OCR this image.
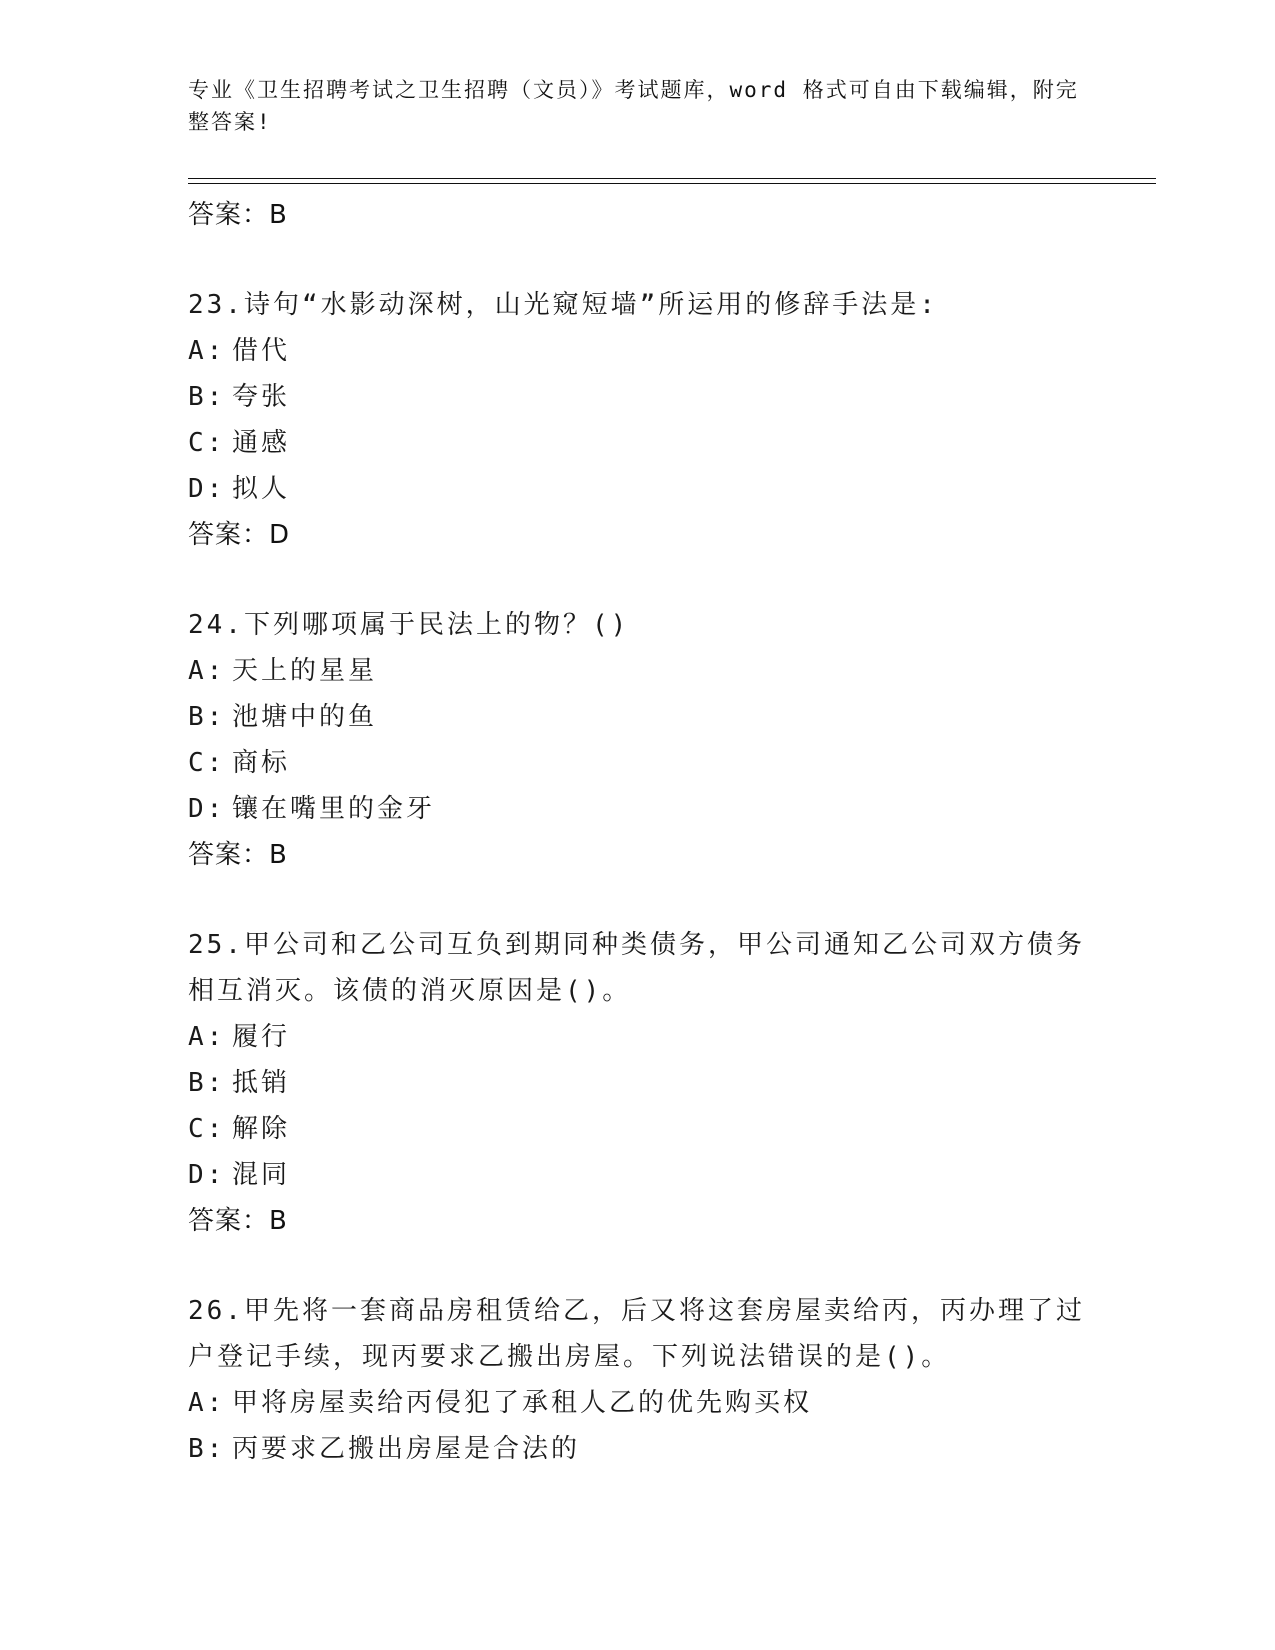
专业《卫生招聘考试之卫生招聘（文员）》考试题库，word 格式可自由下载编辑，附完整答案!
答案：B
23.诗句“水影动深树，山光窥短墙”所运用的修辞手法是:
A: 借代
B: 夸张
C: 通感
D: 拟人
答案：D
24.下列哪项属于民法上的物？()
A: 天上的星星
B: 池塘中的鱼
C: 商标
D: 镶在嘴里的金牙
答案：B
25.甲公司和乙公司互负到期同种类债务，甲公司通知乙公司双方债务相互消灭。该债的消灭原因是()。
A: 履行
B: 抵销
C: 解除
D: 混同
答案：B
26.甲先将一套商品房租赁给乙，后又将这套房屋卖给丙，丙办理了过户登记手续，现丙要求乙搬出房屋。下列说法错误的是()。
A: 甲将房屋卖给丙侵犯了承租人乙的优先购买权
B: 丙要求乙搬出房屋是合法的
